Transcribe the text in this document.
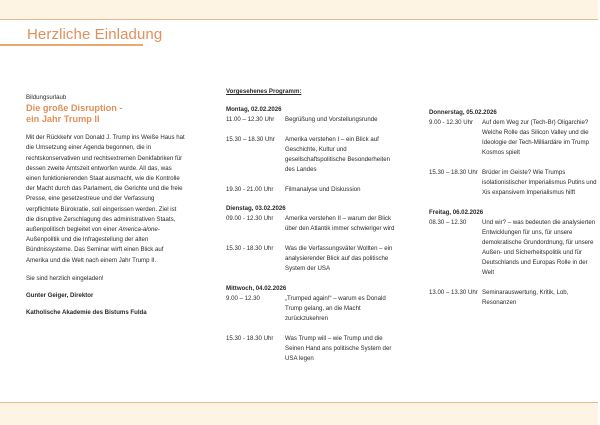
Herzliche Einladung
Bildungsurlaub
Die große Disruption -
ein Jahr Trump II
Mit der Rückkehr von Donald J. Trump ins Weiße Haus hat die Umsetzung einer Agenda begonnen, die in rechtskonservativen und rechtsextremen Denkfabriken für dessen zweite Amtszeit entworfen wurde. All das, was einen funktionierenden Staat ausmacht, wie die Kontrolle der Macht durch das Parlament, die Gerichte und die freie Presse, eine gesetzestreue und der Verfassung verpflichtete Bürokratie, soll eingerissen werden. Ziel ist die disruptive Zerschlagung des administrativen Staats, außenpolitisch begleitet von einer America-alone-Außenpolitik und die Infragestellung der alten Bündnissysteme. Das Seminar wirft einen Blick auf Amerika und die Welt nach einem Jahr Trump II.
Sie sind herzlich eingeladen!
Gunter Geiger, Direktor
Katholische Akademie des Bistums Fulda
Vorgesehenes Programm:
Montag, 02.02.2026
11.00 – 12.30 Uhr	Begrüßung und Vorstellungsrunde
15.30 – 18.30 Uhr	Amerika verstehen I – ein Blick auf Geschichte, Kultur und gesellschaftspolitische Besonderheiten des Landes
19.30 - 21.00 Uhr	Filmanalyse und Diskussion
Dienstag, 03.02.2026
09.00 - 12.30 Uhr	Amerika verstehen II – warum der Blick über den Atlantik immer schwieriger wird
15.30 - 18.30 Uhr	Was die Verfassungsväter Wollten – ein analysierender Blick auf das politische System der USA
Mittwoch, 04.02.2026
9.00 – 12.30	„Trumped again!“ – warum es Donald Trump gelang, an die Macht zurückzukehren
15.30 - 18.30 Uhr	Was Trump will – wie Trump und die Seinen Hand ans politische System der USA legen
Donnerstag, 05.02.2026
9.00 - 12.30 Uhr	Auf dem Weg zur (Tech-Br) Oligarchie? Welche Rolle das Silicon Valley und die Ideologie der Tech-Milliardäre im Trump Kosmos spielt
15.30 – 18.30 Uhr Brüder im Geiste? Wie Trumps isolationistischer Imperialismus Putins und Xis expansivem Imperialismus hilft
Freitag, 06.02.2026
08.30 – 12.30	Und wir? – was bedeuten die analysierten Entwicklungen für uns, für unsere demokratische Grundordnung, für unsere Außen- und Sicherheitspolitik und für Deutschlands und Europas Rolle in der Welt
13.00 – 13.30 Uhr Seminarauswertung, Kritik, Lob, Resonanzen
